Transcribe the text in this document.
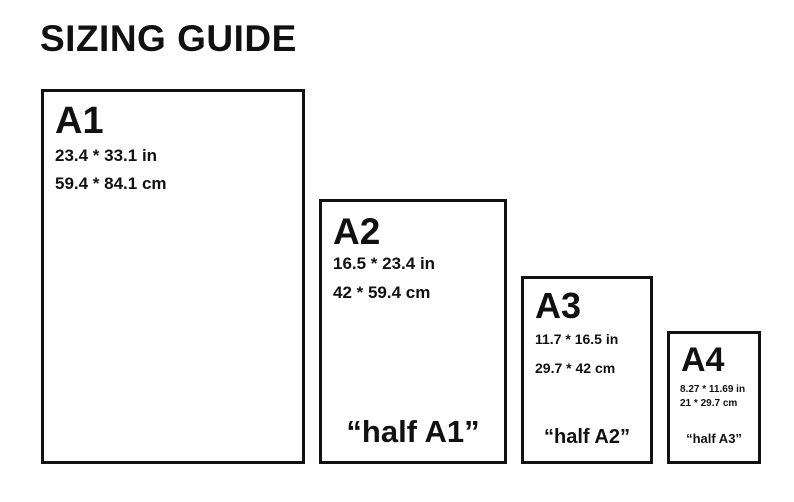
SIZING GUIDE
A1
23.4 * 33.1 in
59.4 * 84.1 cm
A2
16.5 * 23.4 in
42 * 59.4 cm
“half A1”
A3
11.7 * 16.5 in
29.7 * 42 cm
“half A2”
A4
8.27 * 11.69 in
21 * 29.7 cm
“half A3”
